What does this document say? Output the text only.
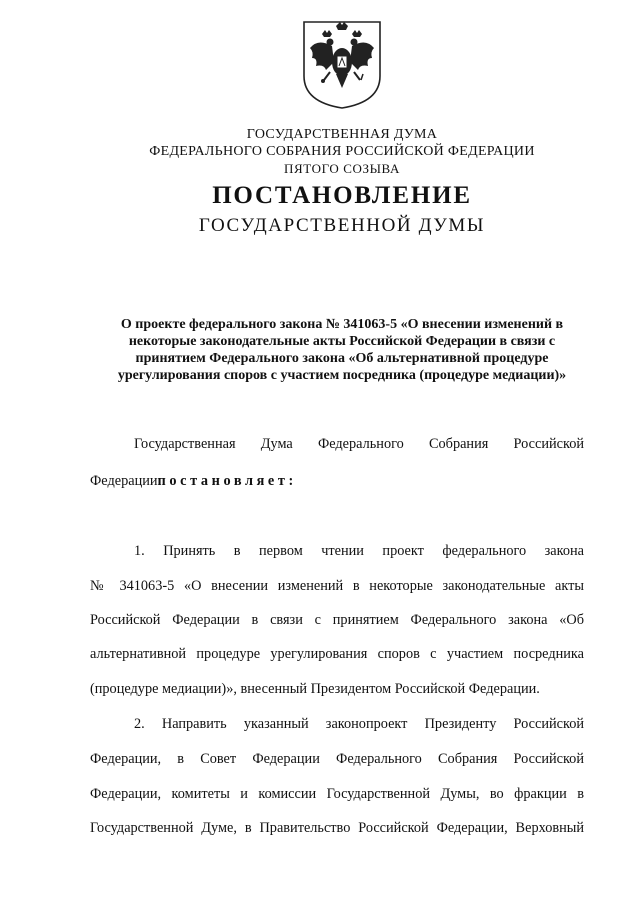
ГОСУДАРСТВЕННАЯ ДУМА
ФЕДЕРАЛЬНОГО СОБРАНИЯ РОССИЙСКОЙ ФЕДЕРАЦИИ
ПЯТОГО СОЗЫВА
ПОСТАНОВЛЕНИЕ
ГОСУДАРСТВЕННОЙ ДУМЫ
О проекте федерального закона № 341063-5 «О внесении изменений в
некоторые законодательные акты Российской Федерации в связи с
принятием Федерального закона «Об альтернативной процедуре
урегулирования споров с участием посредника (процедуре медиации)»
Государственная Дума Федерального Собрания Российской
Федерациипостановляет:
1. Принять в первом чтении проект федерального закона
№ 341063-5 «О внесении изменений в некоторые законодательные акты
Российской Федерации в связи с принятием Федерального закона «Об
альтернативной процедуре урегулирования споров с участием посредника
(процедуре медиации)», внесенный Президентом Российской Федерации.
2. Направить указанный законопроект Президенту Российской
Федерации, в Совет Федерации Федерального Собрания Российской
Федерации, комитеты и комиссии Государственной Думы, во фракции в
Государственной Думе, в Правительство Российской Федерации, Верховный
